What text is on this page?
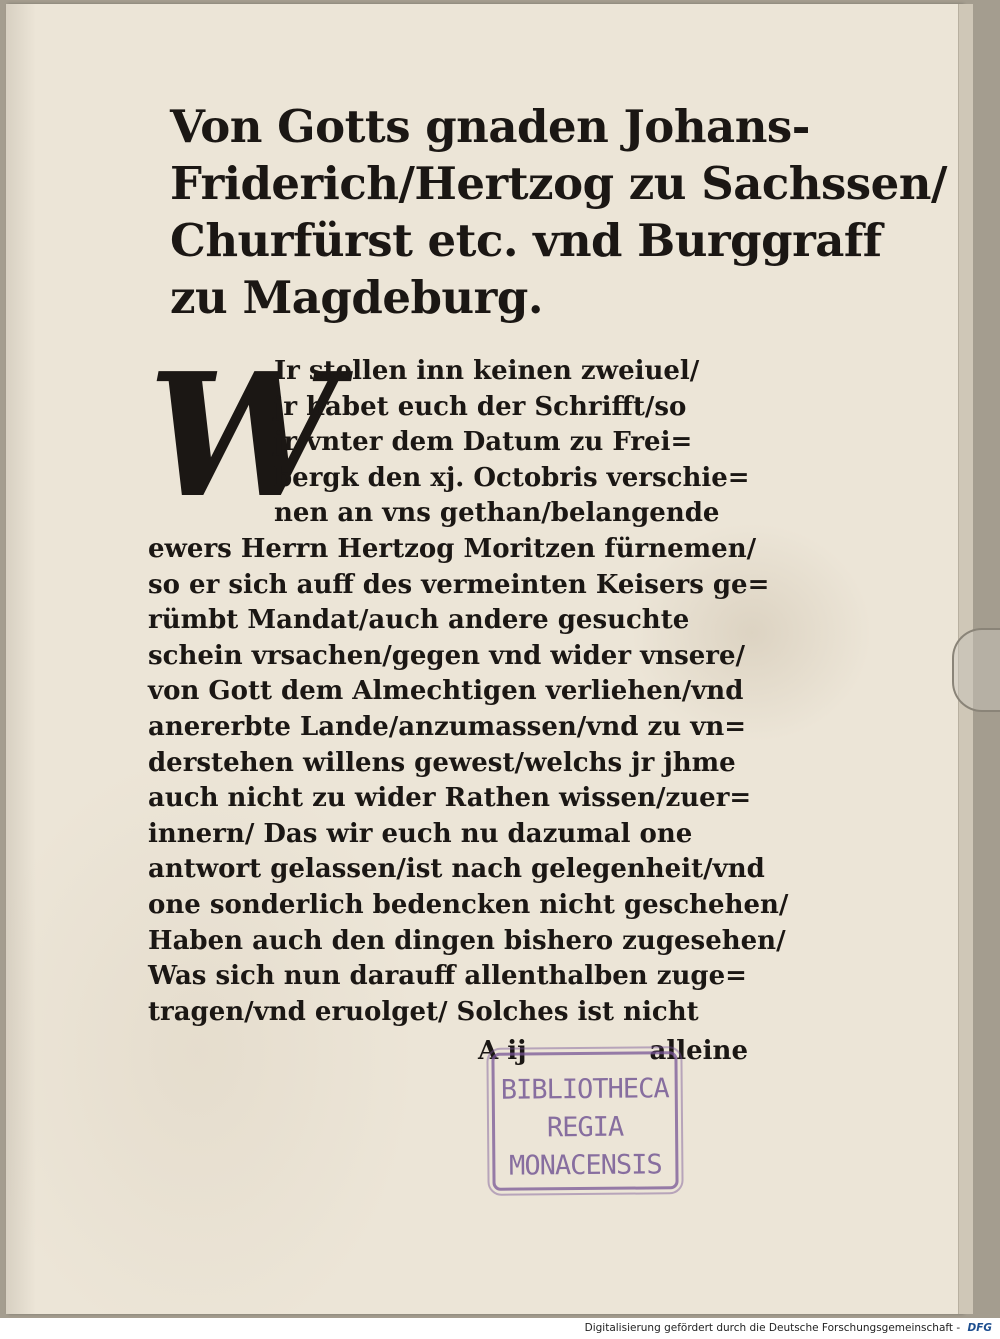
Von Gotts gnaden Johans-
Friderich/Hertzog zu Sachssen/
Churfürst etc. vnd Burggraff
zu Magdeburg.
W
Ir stellen inn keinen zweiuel/
jr habet euch der Schrifft/so
jr vnter dem Datum zu Frei=
bergk den xj. Octobris verschie=
nen an vns gethan/belangende
ewers Herrn Hertzog Moritzen fürnemen/
so er sich auff des vermeinten Keisers ge=
rümbt Mandat/auch andere gesuchte
schein vrsachen/gegen vnd wider vnsere/
von Gott dem Almechtigen verliehen/vnd
anererbte Lande/anzumassen/vnd zu vn=
derstehen willens gewest/welchs jr jhme
auch nicht zu wider Rathen wissen/zuer=
innern/ Das wir euch nu dazumal one
antwort gelassen/ist nach gelegenheit/vnd
one sonderlich bedencken nicht geschehen/
Haben auch den dingen bishero zugesehen/
Was sich nun darauff allenthalben zuge=
tragen/vnd eruolget/ Solches ist nicht
A ij	alleine
BIBLIOTHECA
REGIA
MONACENSIS
Digitalisierung gefördert durch die Deutsche Forschungsgemeinschaft - DFG
